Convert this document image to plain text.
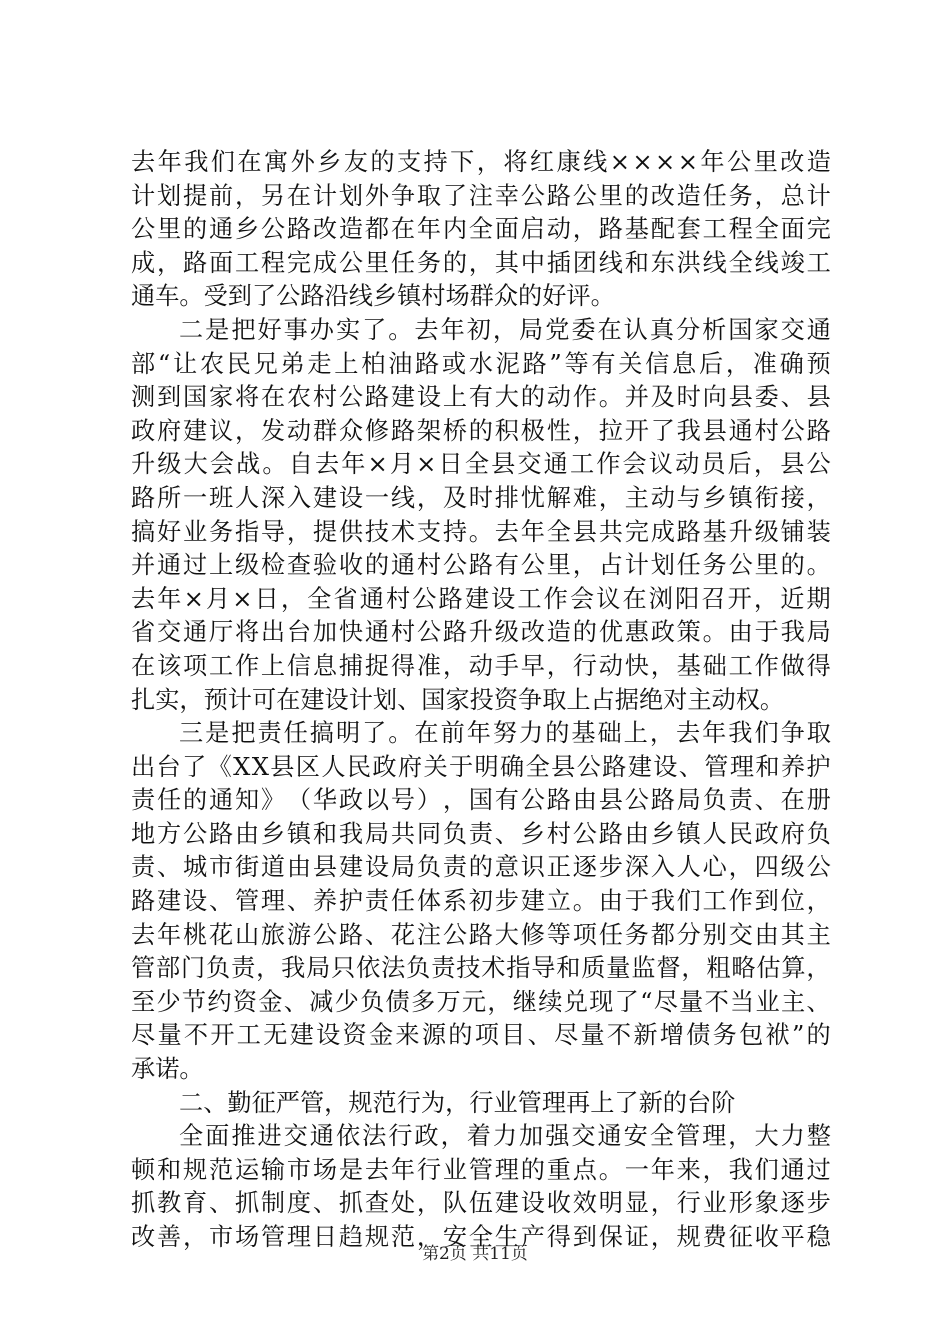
去 年 我 们 在 寓 外 乡 友 的 支 持 下 ， 将 红 康 线 × × × × 年 公 里 改 造
计 划 提 前 ， 另 在 计 划 外 争 取 了 注 幸 公 路 公 里 的 改 造 任 务 ， 总 计
公 里 的 通 乡 公 路 改 造 都 在 年 内 全 面 启 动 ， 路 基 配 套 工 程 全 面 完
成 ， 路 面 工 程 完 成 公 里 任 务 的 ， 其 中 插 团 线 和 东 洪 线 全 线 竣 工
通车。受到了公路沿线乡镇村场群众的好评。
二 是 把 好 事 办 实 了 。 去 年 初 ， 局 党 委 在 认 真 分 析 国 家 交 通
部 “ 让 农 民 兄 弟 走 上 柏 油 路 或 水 泥 路 ” 等 有 关 信 息 后 ， 准 确 预
测 到 国 家 将 在 农 村 公 路 建 设 上 有 大 的 动 作 。 并 及 时 向 县 委 、 县
政 府 建 议 ， 发 动 群 众 修 路 架 桥 的 积 极 性 ， 拉 开 了 我 县 通 村 公 路
升 级 大 会 战 。 自 去 年 × 月 × 日 全 县 交 通 工 作 会 议 动 员 后 ， 县 公
路 所 一 班 人 深 入 建 设 一 线 ， 及 时 排 忧 解 难 ， 主 动 与 乡 镇 衔 接 ，
搞 好 业 务 指 导 ， 提 供 技 术 支 持 。 去 年 全 县 共 完 成 路 基 升 级 铺 装
并 通 过 上 级 检 查 验 收 的 通 村 公 路 有 公 里 ， 占 计 划 任 务 公 里 的 。
去 年 × 月 × 日 ， 全 省 通 村 公 路 建 设 工 作 会 议 在 浏 阳 召 开 ， 近 期
省 交 通 厅 将 出 台 加 快 通 村 公 路 升 级 改 造 的 优 惠 政 策 。 由 于 我 局
在 该 项 工 作 上 信 息 捕 捉 得 准 ， 动 手 早 ， 行 动 快 ， 基 础 工 作 做 得
扎实，预计可在建设计划、国家投资争取上占据绝对主动权。
三 是 把 责 任 搞 明 了 。 在 前 年 努 力 的 基 础 上 ， 去 年 我 们 争 取
出 台 了 《 X X 县 区 人 民 政 府 关 于 明 确 全 县 公 路 建 设 、 管 理 和 养 护
责 任 的 通 知 》 （ 华 政 以 号 ） ， 国 有 公 路 由 县 公 路 局 负 责 、 在 册
地 方 公 路 由 乡 镇 和 我 局 共 同 负 责 、 乡 村 公 路 由 乡 镇 人 民 政 府 负
责 、 城 市 街 道 由 县 建 设 局 负 责 的 意 识 正 逐 步 深 入 人 心 ， 四 级 公
路 建 设 、 管 理 、 养 护 责 任 体 系 初 步 建 立 。 由 于 我 们 工 作 到 位 ，
去 年 桃 花 山 旅 游 公 路 、 花 注 公 路 大 修 等 项 任 务 都 分 别 交 由 其 主
管 部 门 负 责 ， 我 局 只 依 法 负 责 技 术 指 导 和 质 量 监 督 ， 粗 略 估 算 ，
至 少 节 约 资 金 、 减 少 负 债 多 万 元 ， 继 续 兑 现 了 “ 尽 量 不 当 业 主 、
尽 量 不 开 工 无 建 设 资 金 来 源 的 项 目 、 尽 量 不 新 增 债 务 包 袱 ” 的
承诺。
二、勤征严管，规范行为，行业管理再上了新的台阶
全 面 推 进 交 通 依 法 行 政 ， 着 力 加 强 交 通 安 全 管 理 ， 大 力 整
顿 和 规 范 运 输 市 场 是 去 年 行 业 管 理 的 重 点 。 一 年 来 ， 我 们 通 过
抓 教 育 、 抓 制 度 、 抓 查 处 ， 队 伍 建 设 收 效 明 显 ， 行 业 形 象 逐 步
改 善 ， 市 场 管 理 日 趋 规 范 ， 安 全 生 产 得 到 保 证 ， 规 费 征 收 平 稳
第2页 共11页
